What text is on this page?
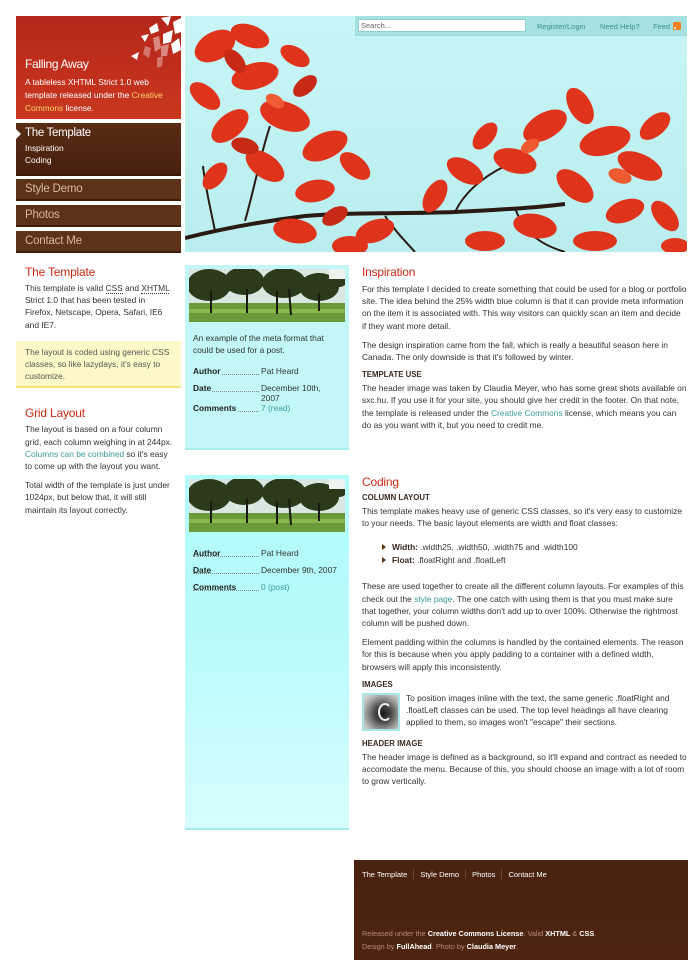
Falling Away
A tableless XHTML Strict 1.0 web template released under the Creative Commons license.
The Template
Inspiration
Coding
Style Demo
Photos
Contact Me
Search...
Register/Login Need Help? Feed
The Template

This template is valid CSS and XHTML Strict 1.0 that has been tested in Firefox, Netscape, Opera, Safari, IE6 and IE7.

The layout is coded using generic CSS classes, so like lazydays, it's easy to customize.
Grid Layout

The layout is based on a four column grid, each column weighing in at 244px. Columns can be combined so it's easy to come up with the layout you want.

Total width of the template is just under 1024px, but below that, it will still maintain its layout correctly.

An example of the meta format that could be used for a post.

Author	Pat Heard
Date	December 10th, 2007
Comments	7 (read)
Author	Pat Heard
Date	December 9th, 2007
Comments	0 (post)
Inspiration

For this template I decided to create something that could be used for a blog or portfolio site. The idea behind the 25% width blue column is that it can provide meta information on the item it is associated with. This way visitors can quickly scan an item and decide if they want more detail.

The design inspiration came from the fall, which is really a beautiful season here in Canada. The only downside is that it's followed by winter.

TEMPLATE USE

The header image was taken by Claudia Meyer, who has some great shots available on sxc.hu. If you use it for your site, you should give her credit in the footer. On that note, the template is released under the Creative Commons license, which means you can do as you want with it, but you need to credit me.

Coding
COLUMN LAYOUT

This template makes heavy use of generic CSS classes, so it's very easy to customize to your needs. The basic layout elements are width and float classes:

Width: .width25, .width50, .width75 and .width100
Float: .floatRight and .floatLeft

These are used together to create all the different column layouts. For examples of this check out the style page. The one catch with using them is that you must make sure that together, your column widths don't add up to over 100%. Otherwise the rightmost column will be pushed down.

Element padding within the columns is handled by the contained elements. The reason for this is because when you apply padding to a container with a defined width, browsers will apply this inconsistently.

IMAGES

To position images inline with the text, the same generic .floatRight and .floatLeft classes can be used. The top level headings all have clearing applied to them, so images won't "escape" their sections.

HEADER IMAGE

The header image is defined as a background, so it'll expand and contract as needed to accomodate the menu. Because of this, you should choose an image with a lot of room to grow vertically.

The Template Style Demo Photos Contact Me
Released under the Creative Commons License. Valid XHTML & CSS.
Design by FullAhead. Photo by Claudia Meyer.
